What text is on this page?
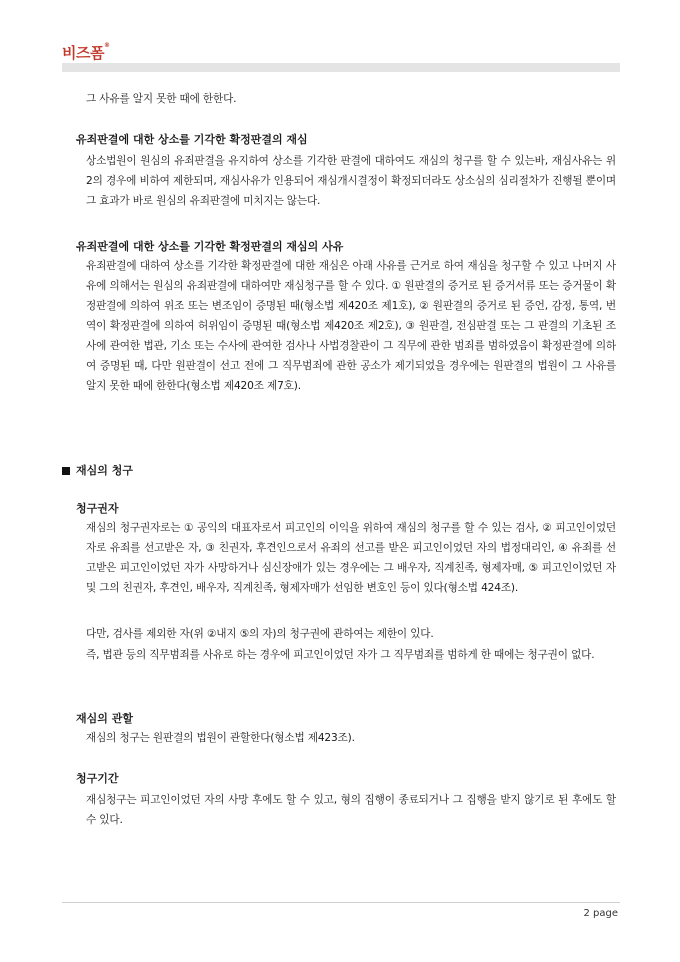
비즈폼®
그 사유를 알지 못한 때에 한한다.
유죄판결에 대한 상소를 기각한 확정판결의 재심
상소법원이 원심의 유죄판결을 유지하여 상소를 기각한 판결에 대하여도 재심의 청구를 할 수 있는바, 재심사유는 위 2의 경우에 비하여 제한되며, 재심사유가 인용되어 재심개시결정이 확정되더라도 상소심의 심리절차가 진행될 뿐이며 그 효과가 바로 원심의 유죄판결에 미치지는 않는다.
유죄판결에 대한 상소를 기각한 확정판결의 재심의 사유
유죄판결에 대하여 상소를 기각한 확정판결에 대한 재심은 아래 사유를 근거로 하여 재심을 청구할 수 있고 나머지 사유에 의해서는 원심의 유죄판결에 대하여만 재심청구를 할 수 있다. ① 원판결의 증거로 된 증거서류 또는 증거물이 확정판결에 의하여 위조 또는 변조임이 증명된 때(형소법 제420조 제1호), ② 원판결의 증거로 된 증언, 감정, 통역, 번역이 확정판결에 의하여 허위임이 증명된 때(형소법 제420조 제2호), ③ 원판결, 전심판결 또는 그 판결의 기초된 조사에 관여한 법관, 기소 또는 수사에 관여한 검사나 사법경찰관이 그 직무에 관한 범죄를 범하였음이 확정판결에 의하여 증명된 때, 다만 원판결이 선고 전에 그 직무범죄에 관한 공소가 제기되었을 경우에는 원판결의 법원이 그 사유를 알지 못한 때에 한한다(형소법 제420조 제7호).
재심의 청구
청구권자
재심의 청구권자로는 ① 공익의 대표자로서 피고인의 이익을 위하여 재심의 청구를 할 수 있는 검사, ② 피고인이었던 자로 유죄를 선고받은 자, ③ 친권자, 후견인으로서 유죄의 선고를 받은 피고인이었던 자의 법정대리인, ④ 유죄를 선고받은 피고인이었던 자가 사망하거나 심신장애가 있는 경우에는 그 배우자, 직계친족, 형제자매, ⑤ 피고인이었던 자 및 그의 친권자, 후견인, 배우자, 직계친족, 형제자매가 선임한 변호인 등이 있다(형소법 424조).
다만, 검사를 제외한 자(위 ②내지 ⑤의 자)의 청구권에 관하여는 제한이 있다.
즉, 법관 등의 직무범죄를 사유로 하는 경우에 피고인이었던 자가 그 직무범죄를 범하게 한 때에는 청구권이 없다.
재심의 관할
재심의 청구는 원판결의 법원이 관할한다(형소법 제423조).
청구기간
재심청구는 피고인이었던 자의 사망 후에도 할 수 있고, 형의 집행이 종료되거나 그 집행을 받지 않기로 된 후에도 할 수 있다.
2 page
